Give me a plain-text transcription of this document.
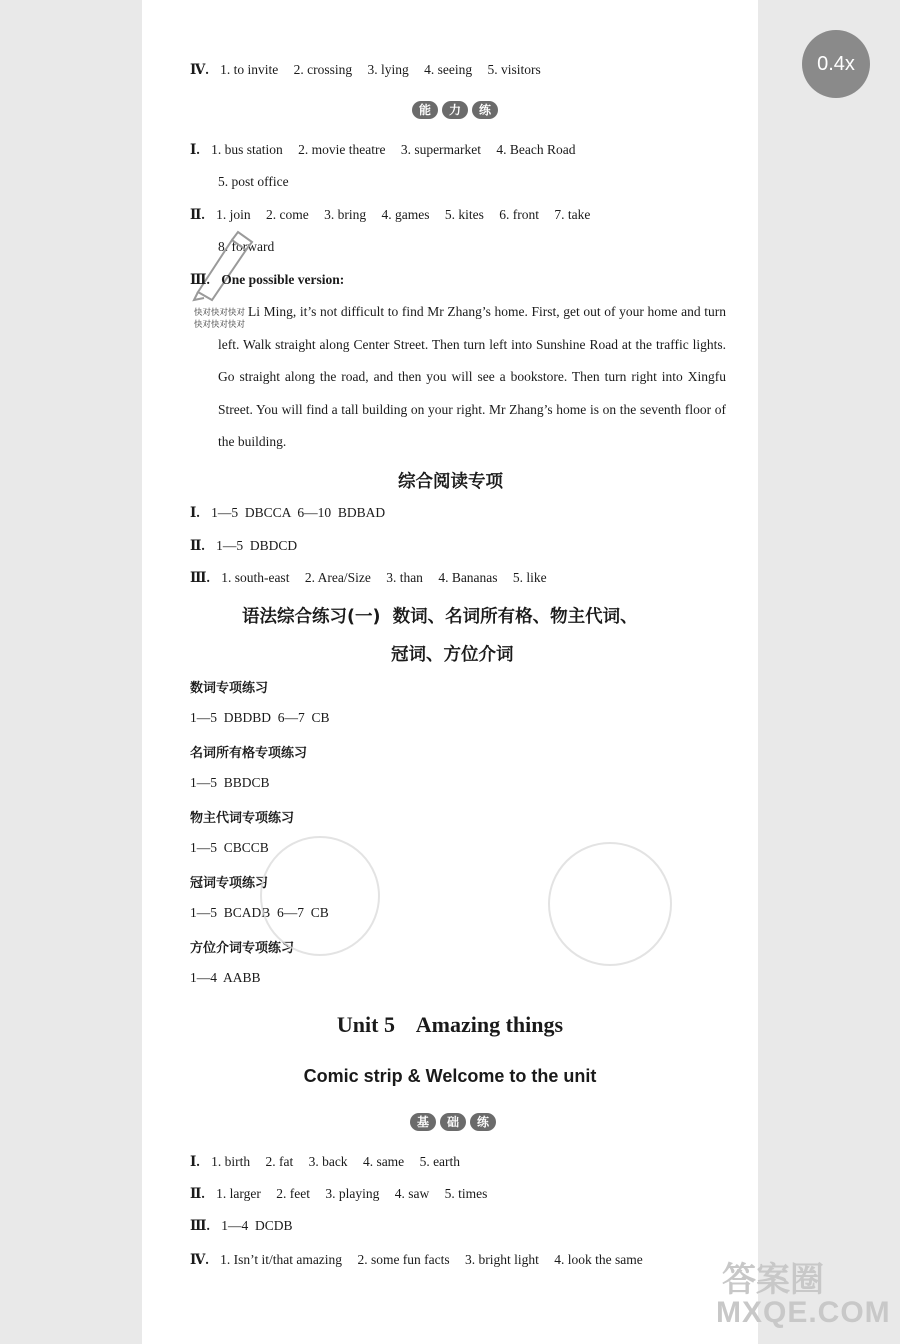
0.4x
Ⅳ. 1. to invite 2. crossing 3. lying 4. seeing 5. visitors
能	力	练
Ⅰ. 1. bus station 2. movie theatre 3. supermarket 4. Beach Road
5. post office
Ⅱ. 1. join 2. come 3. bring 4. games 5. kites 6. front 7. take
8. forward
Ⅲ. One possible version:
快对快对快对
快对快对快对

Li Ming, it’s not difficult to find Mr Zhang’s home. First, get out of your home and turn left. Walk straight along Center Street. Then turn left into Sunshine Road at the traffic lights. Go straight along the road, and then you will see a bookstore. Then turn right into Xingfu Street. You will find a tall building on your right. Mr Zhang’s home is on the seventh floor of the building.

综合阅读专项
Ⅰ. 1—5  DBCCA  6—10  BDBAD
Ⅱ. 1—5  DBDCD
Ⅲ. 1. south-east 2. Area/Size 3. than 4. Bananas 5. like
语法综合练习(一)  数词、名词所有格、物主代词、
冠词、方位介词
数词专项练习
1—5  DBDBD  6—7  CB
名词所有格专项练习
1—5  BBDCB
物主代词专项练习
1—5  CBCCB
冠词专项练习
1—5  BCADB  6—7  CB
方位介词专项练习
1—4  AABB
Unit 5    Amazing things
Comic strip & Welcome to the unit
基	础	练
Ⅰ. 1. birth 2. fat 3. back 4. same 5. earth
Ⅱ. 1. larger 2. feet 3. playing 4. saw 5. times
Ⅲ. 1—4  DCDB
Ⅳ. 1. Isn’t it/that amazing 2. some fun facts 3. bright light 4. look the same
答案圈
MXQE.COM
